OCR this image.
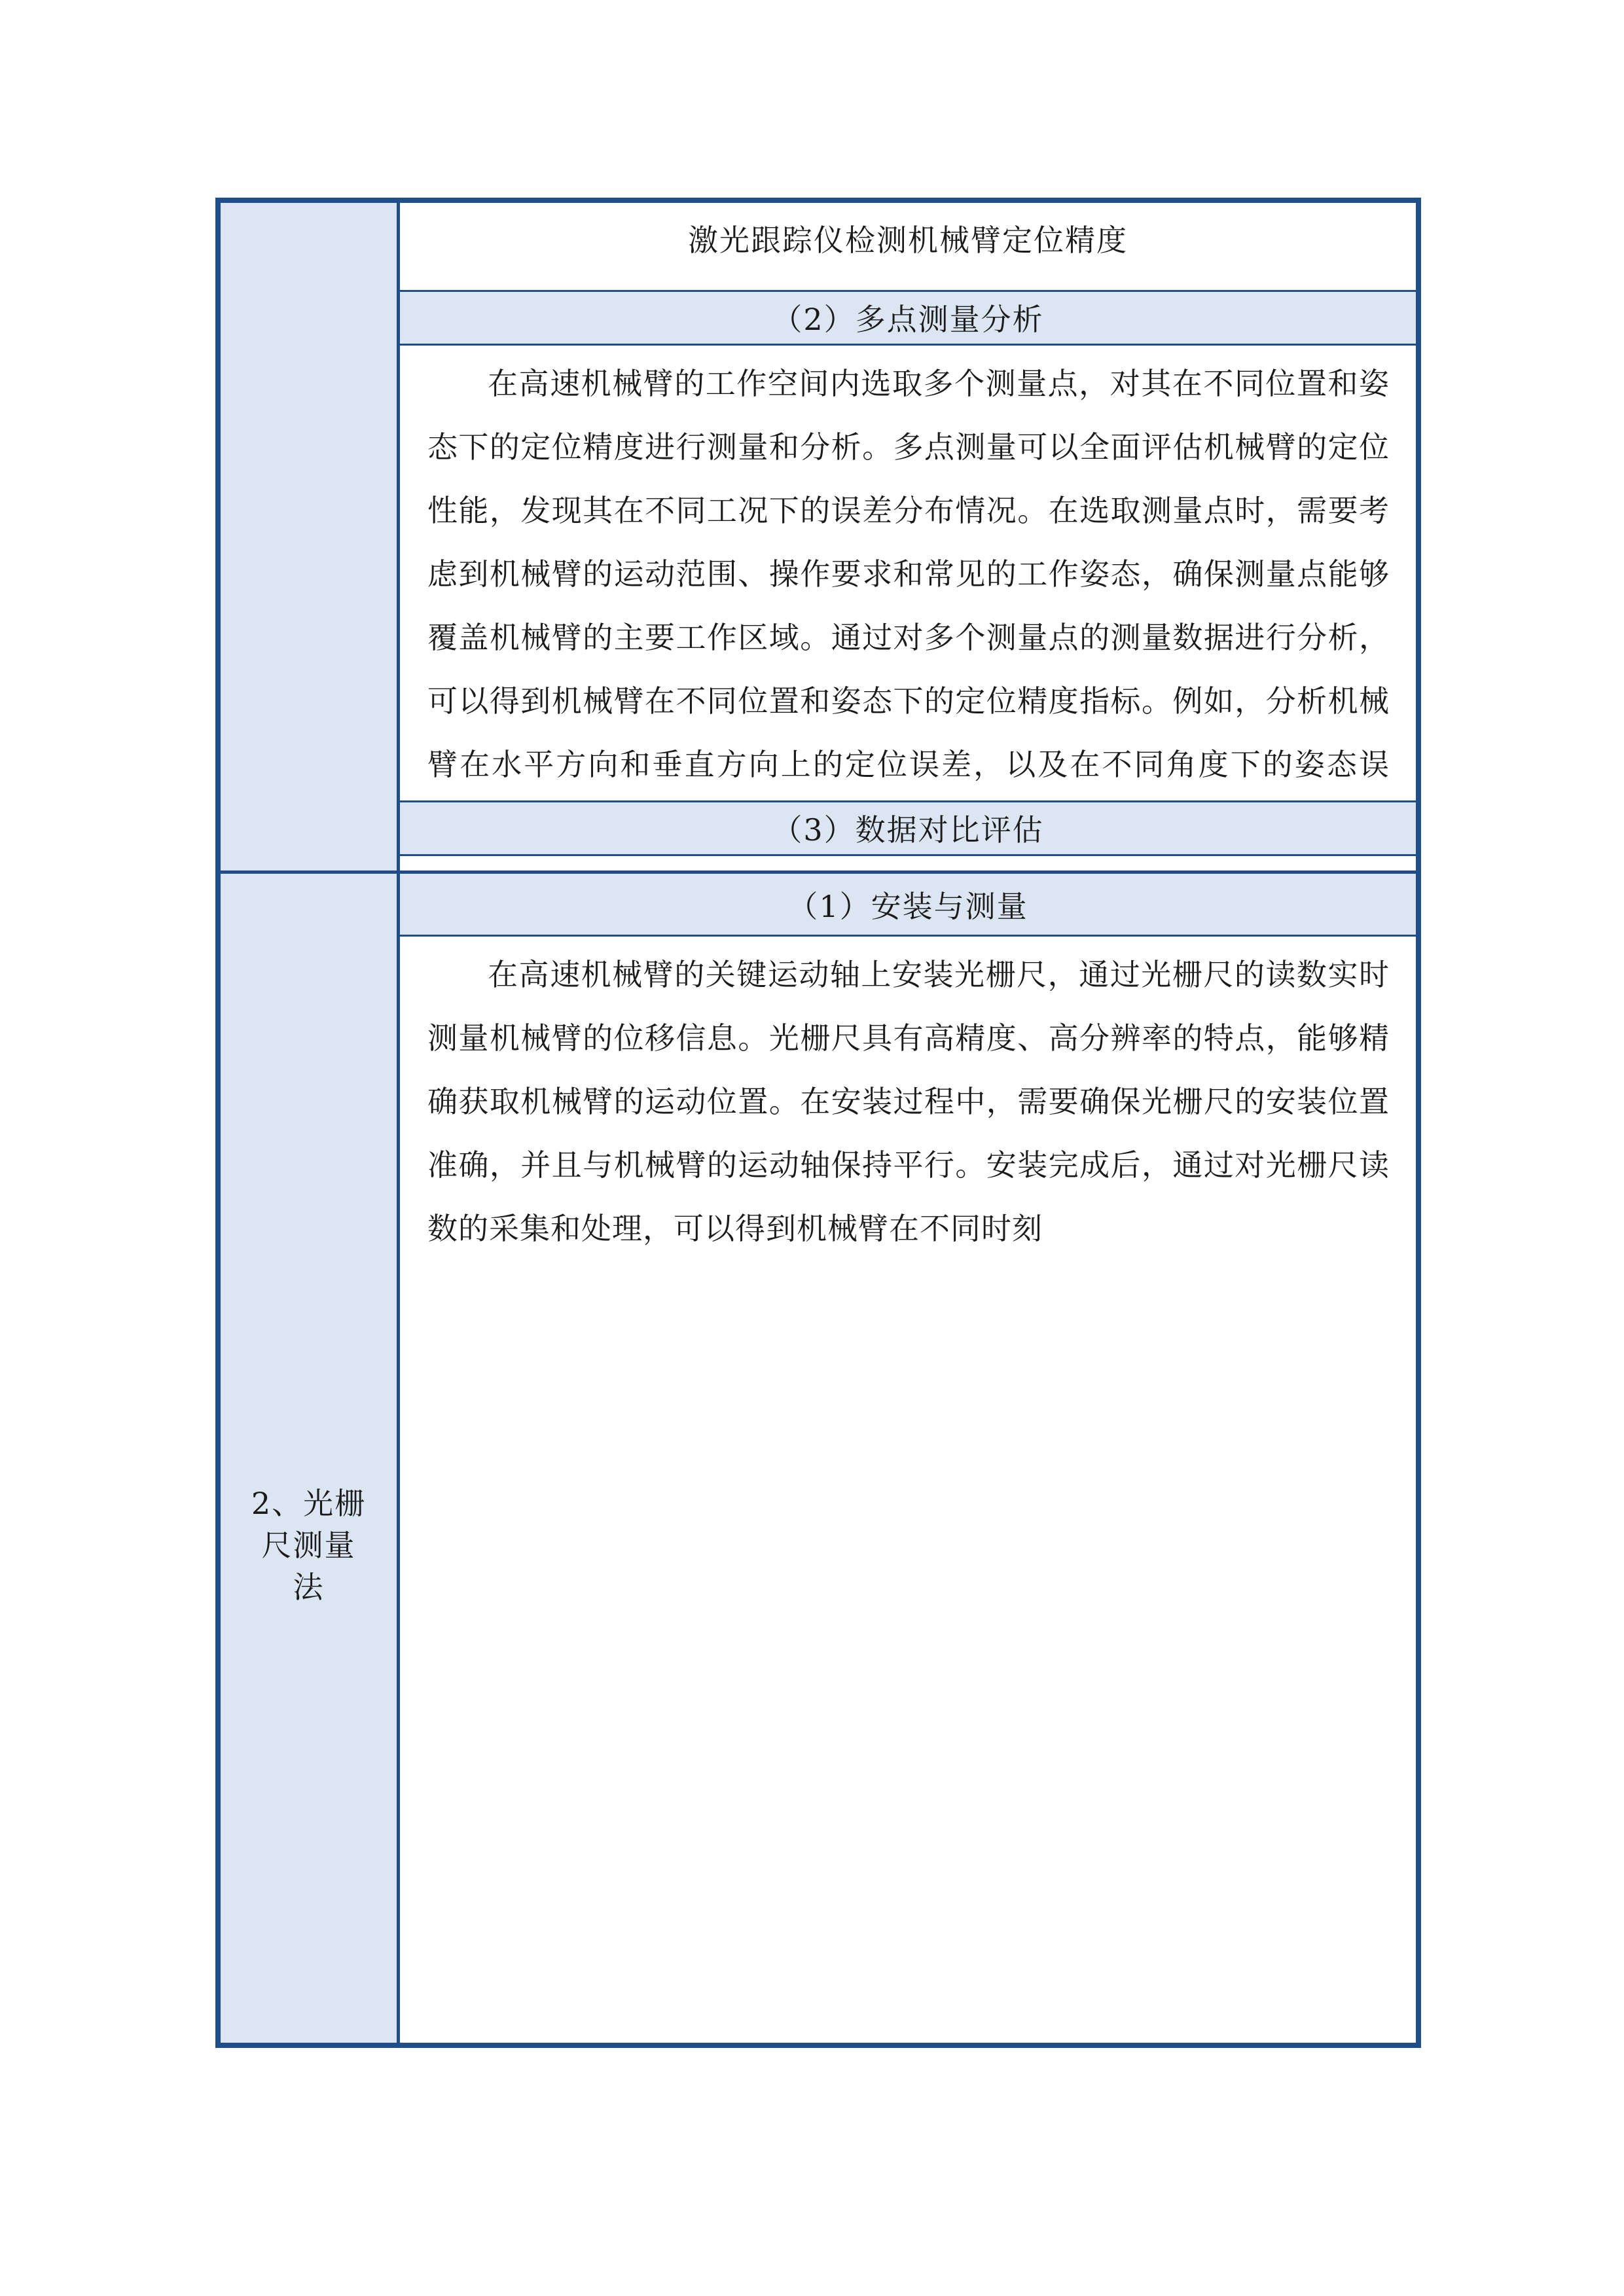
激光跟踪仪检测机械臂定位精度
（2）多点测量分析

在高速机械臂的工作空间内选取多个测量点，对其在不同位置和姿态下的定位精度进行测量和分析。多点测量可以全面评估机械臂的定位性能，发现其在不同工况下的误差分布情况。在选取测量点时，需要考虑到机械臂的运动范围、操作要求和常见的工作姿态，确保测量点能够覆盖机械臂的主要工作区域。通过对多个测量点的测量数据进行分析，可以得到机械臂在不同位置和姿态下的定位精度指标。例如，分析机械臂在水平方向和垂直方向上的定位误差，以及在不同角度下的姿态误

（3）数据对比评估

2、光栅
尺测量
法
（1）安装与测量

在高速机械臂的关键运动轴上安装光栅尺，通过光栅尺的读数实时测量机械臂的位移信息。光栅尺具有高精度、高分辨率的特点，能够精确获取机械臂的运动位置。在安装过程中，需要确保光栅尺的安装位置准确，并且与机械臂的运动轴保持平行。安装完成后，通过对光栅尺读数的采集和处理，可以得到机械臂在不同时刻
